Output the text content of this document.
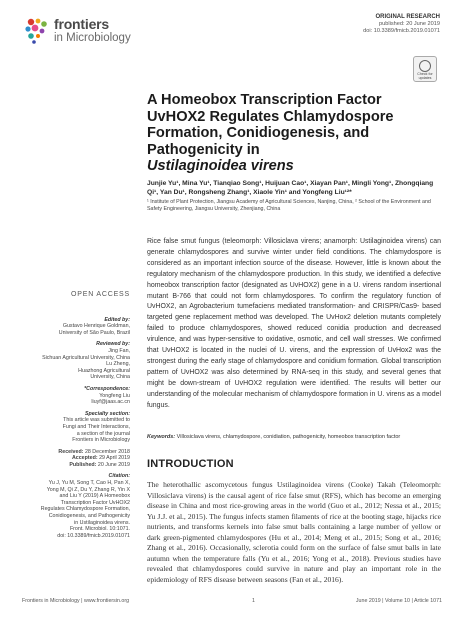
frontiers
in Microbiology
ORIGINAL RESEARCH
published: 20 June 2019
doi: 10.3389/fmicb.2019.01071
Check for updates
A Homeobox Transcription Factor UvHOX2 Regulates Chlamydospore Formation, Conidiogenesis, and Pathogenicity in
Ustilaginoidea virens
Junjie Yu¹, Mina Yu¹, Tianqiao Song¹, Huijuan Cao¹, Xiayan Pan¹, Mingli Yong¹, Zhongqiang Qi¹, Yan Du¹, Rongsheng Zhang¹, Xiaole Yin¹ and Yongfeng Liu¹²*
¹ Institute of Plant Protection, Jiangsu Academy of Agricultural Sciences, Nanjing, China, ² School of the Environment and Safety Engineering, Jiangsu University, Zhenjiang, China
Rice false smut fungus (teleomorph: Villosiclava virens; anamorph: Ustilaginoidea virens) can generate chlamydospores and survive winter under field conditions. The chlamydospore is considered as an important infection source of the disease. However, little is known about the regulatory mechanism of the chlamydospore production. In this study, we identified a defective homeobox transcription factor (designated as UvHOX2) gene in a U. virens random insertional mutant B-766 that could not form chlamydospores. To confirm the regulatory function of UvHOX2, an Agrobacterium tumefaciens mediated transformation- and CRISPR/Cas9- based targeted gene replacement method was developed. The UvHox2 deletion mutants completely failed to produce chlamydospores, showed reduced conidia production and decreased virulence, and was hyper-sensitive to oxidative, osmotic, and cell wall stresses. We confirmed that UvHOX2 is located in the nuclei of U. virens, and the expression of UvHox2 was the strongest during the early stage of chlamydospore and conidium formation. Global transcription pattern of UvHOX2 was also determined by RNA-seq in this study, and several genes that might be down-stream of UvHOX2 regulation were identified. The results will better our understanding of the molecular mechanism of chlamydospore formation in U. virens as a model fungus.
Keywords: Villosiclava virens, chlamydospore, conidiation, pathogenicity, homeobox transcription factor
OPEN ACCESS
Edited by:
Gustavo Henrique Goldman,
University of São Paulo, Brazil
Reviewed by:
Jing Fan,
Sichuan Agricultural University, China
Lu Zheng,
Huazhong Agricultural
University, China
*Correspondence:
Yongfeng Liu
liuyf@jaas.ac.cn
Specialty section:
This article was submitted to
Fungi and Their Interactions,
a section of the journal
Frontiers in Microbiology
Received: 28 December 2018
Accepted: 29 April 2019
Published: 20 June 2019
Citation:
Yu J, Yu M, Song T, Cao H, Pan X,
Yong M, Qi Z, Du Y, Zhang R, Yin X
and Liu Y (2019) A Homeobox
Transcription Factor UvHOX2
Regulates Chlamydospore Formation,
Conidiogenesis, and Pathogenicity
in Ustilaginoidea virens.
Front. Microbiol. 10:1071.
doi: 10.3389/fmicb.2019.01071
INTRODUCTION
The heterothallic ascomycetous fungus Ustilaginoidea virens (Cooke) Takah (Teleomorph: Villosiclava virens) is the causal agent of rice false smut (RFS), which has become an emerging disease in China and most rice-growing areas in the world (Guo et al., 2012; Nessa et al., 2015; Yu J.J. et al., 2015). The fungus infects stamen filaments of rice at the booting stage, hijacks rice nutrients, and transforms kernels into false smut balls containing a large number of yellow or dark green-pigmented chlamydospores (Hu et al., 2014; Meng et al., 2015; Song et al., 2016; Zhang et al., 2016). Occasionally, sclerotia could form on the surface of false smut balls in late autumn when the temperature falls (Yu et al., 2016; Yong et al., 2018). Previous studies have revealed that chlamydospores could survive in nature and play an important role in the epidemiology of RFS disease between seasons (Fan et al., 2016).
Frontiers in Microbiology | www.frontiersin.org	1	June 2019 | Volume 10 | Article 1071
